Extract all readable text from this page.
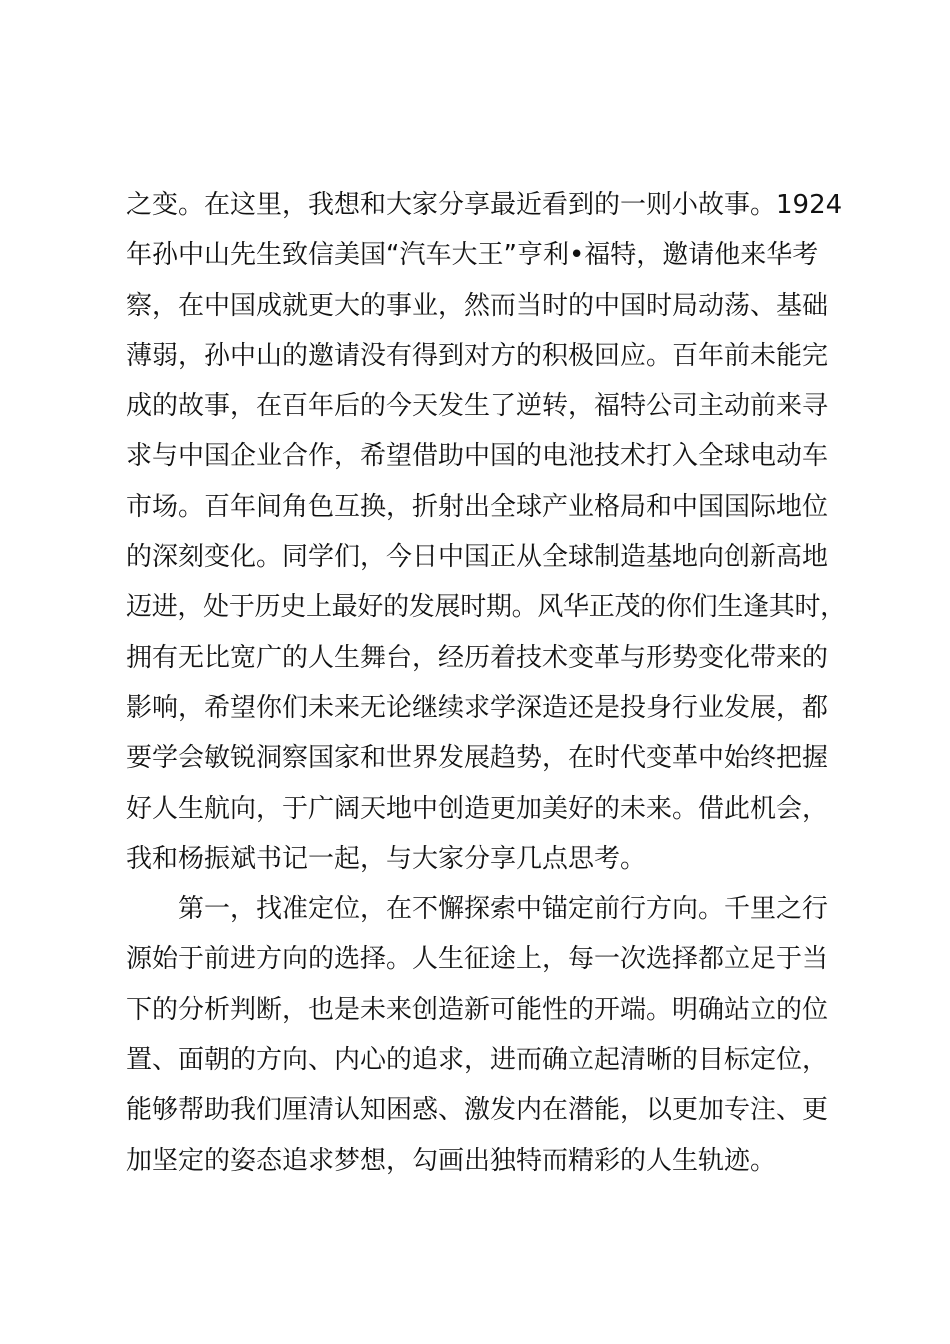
之变。在这里，我想和大家分享最近看到的一则小故事。1924
年孙中山先生致信美国“汽车大王”亨利•福特，邀请他来华考
察，在中国成就更大的事业，然而当时的中国时局动荡、基础
薄弱，孙中山的邀请没有得到对方的积极回应。百年前未能完
成的故事，在百年后的今天发生了逆转，福特公司主动前来寻
求与中国企业合作，希望借助中国的电池技术打入全球电动车
市场。百年间角色互换，折射出全球产业格局和中国国际地位
的深刻变化。同学们，今日中国正从全球制造基地向创新高地
迈进，处于历史上最好的发展时期。风华正茂的你们生逢其时，
拥有无比宽广的人生舞台，经历着技术变革与形势变化带来的
影响，希望你们未来无论继续求学深造还是投身行业发展，都
要学会敏锐洞察国家和世界发展趋势，在时代变革中始终把握
好人生航向，于广阔天地中创造更加美好的未来。借此机会，
我和杨振斌书记一起，与大家分享几点思考。
第一，找准定位，在不懈探索中锚定前行方向。千里之行
源始于前进方向的选择。人生征途上，每一次选择都立足于当
下的分析判断，也是未来创造新可能性的开端。明确站立的位
置、面朝的方向、内心的追求，进而确立起清晰的目标定位，
能够帮助我们厘清认知困惑、激发内在潜能，以更加专注、更
加坚定的姿态追求梦想，勾画出独特而精彩的人生轨迹。
